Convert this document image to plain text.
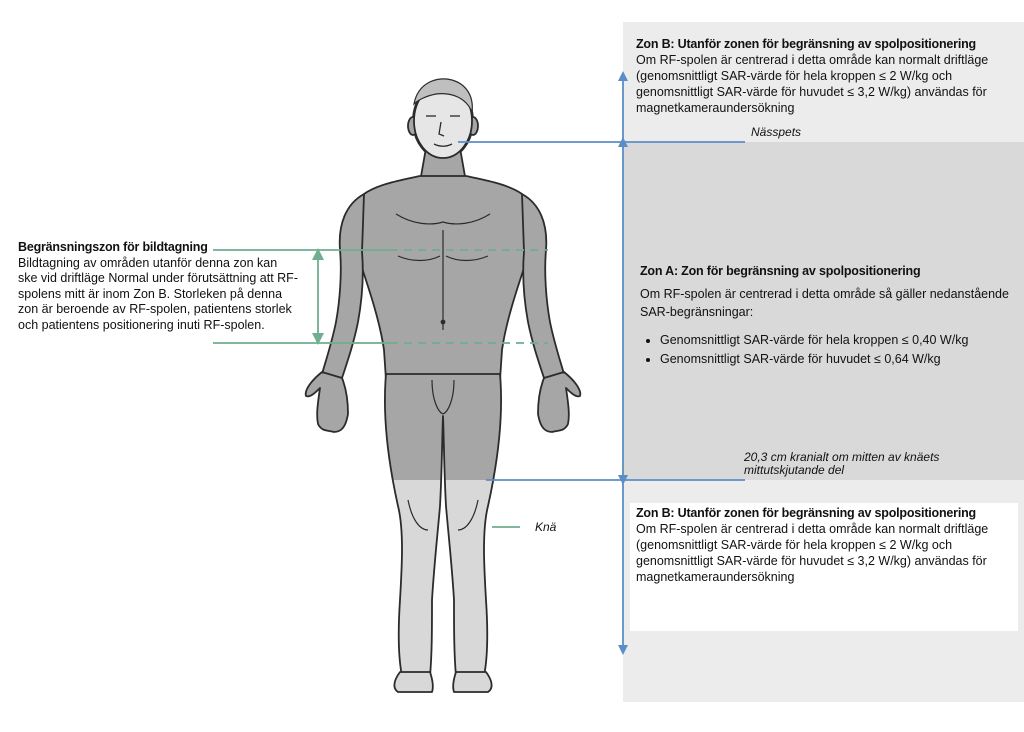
Zon B: Utanför zonen för begränsning av spolpositionering
Om RF-spolen är centrerad i detta område kan normalt driftläge (genomsnittligt SAR-värde för hela kroppen ≤ 2 W/kg och genomsnittligt SAR-värde för huvudet ≤ 3,2 W/kg) användas för magnetkameraundersökning
Zon A: Zon för begränsning av spolpositionering
Om RF-spolen är centrerad i detta område så gäller nedanstående SAR-begränsningar:
• Genomsnittligt SAR-värde för hela kroppen ≤ 0,40 W/kg
• Genomsnittligt SAR-värde för huvudet ≤ 0,64 W/kg
Zon B: Utanför zonen för begränsning av spolpositionering
Om RF-spolen är centrerad i detta område kan normalt driftläge (genomsnittligt SAR-värde för hela kroppen ≤ 2 W/kg och genomsnittligt SAR-värde för huvudet ≤ 3,2 W/kg) användas för magnetkameraundersökning
Begränsningszon för bildtagning
Bildtagning av områden utanför denna zon kan ske vid driftläge Normal under förutsättning att RF-spolens mitt är inom Zon B. Storleken på denna zon är beroende av RF-spolen, patientens storlek och patientens positionering inuti RF-spolen.
Nässpets
20,3 cm kranialt om mitten av knäets mittutskjutande del
Knä
